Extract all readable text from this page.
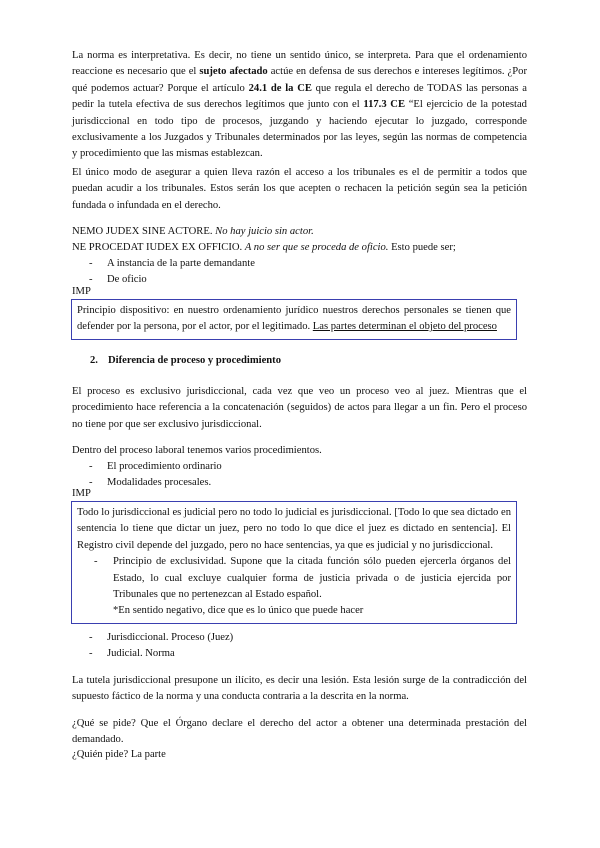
La norma es interpretativa. Es decir, no tiene un sentido único, se interpreta. Para que el ordenamiento reaccione es necesario que el sujeto afectado actúe en defensa de sus derechos e intereses legítimos. ¿Por qué podemos actuar? Porque el artículo 24.1 de la CE que regula el derecho de TODAS las personas a pedir la tutela efectiva de sus derechos legítimos que junto con el 117.3 CE “El ejercicio de la potestad jurisdiccional en todo tipo de procesos, juzgando y haciendo ejecutar lo juzgado, corresponde exclusivamente a los Juzgados y Tribunales determinados por las leyes, según las normas de competencia y procedimiento que las mismas establezcan.

El único modo de asegurar a quien lleva razón el acceso a los tribunales es el de permitir a todos que puedan acudir a los tribunales. Estos serán los que acepten o rechacen la petición según sea la petición fundada o infundada en el derecho.

NEMO JUDEX SINE ACTORE. No hay juicio sin actor.

NE PROCEDAT IUDEX EX OFFICIO. A no ser que se proceda de oficio. Esto puede ser;

- A instancia de la parte demandante
- De oficio

IMP

Principio dispositivo: en nuestro ordenamiento jurídico nuestros derechos personales se tienen que defender por la persona, por el actor, por el legitimado. Las partes determinan el objeto del proceso

2. Diferencia de proceso y procedimiento

El proceso es exclusivo jurisdiccional, cada vez que veo un proceso veo al juez. Mientras que el procedimiento hace referencia a la concatenación (seguidos) de actos para llegar a un fin. Pero el proceso no tiene por que ser exclusivo jurisdiccional.

Dentro del proceso laboral tenemos varios procedimientos.

- El procedimiento ordinario
- Modalidades procesales.

IMP

Todo lo jurisdiccional es judicial pero no todo lo judicial es jurisdiccional. [Todo lo que sea dictado en sentencia lo tiene que dictar un juez, pero no todo lo que dice el juez es dictado en sentencia]. El Registro civil depende del juzgado, pero no hace sentencias, ya que es judicial y no jurisdiccional.

- Principio de exclusividad. Supone que la citada función sólo pueden ejercerla órganos del Estado, lo cual excluye cualquier forma de justicia privada o de justicia ejercida por Tribunales que no pertenezcan al Estado español.

*En sentido negativo, dice que es lo único que puede hacer

- Jurisdiccional. Proceso (Juez)
- Judicial. Norma

La tutela jurisdiccional presupone un ilícito, es decir una lesión. Esta lesión surge de la contradicción del supuesto fáctico de la norma y una conducta contraria a la descrita en la norma.

¿Qué se pide? Que el Órgano declare el derecho del actor a obtener una determinada prestación del demandado.

¿Quién pide? La parte
